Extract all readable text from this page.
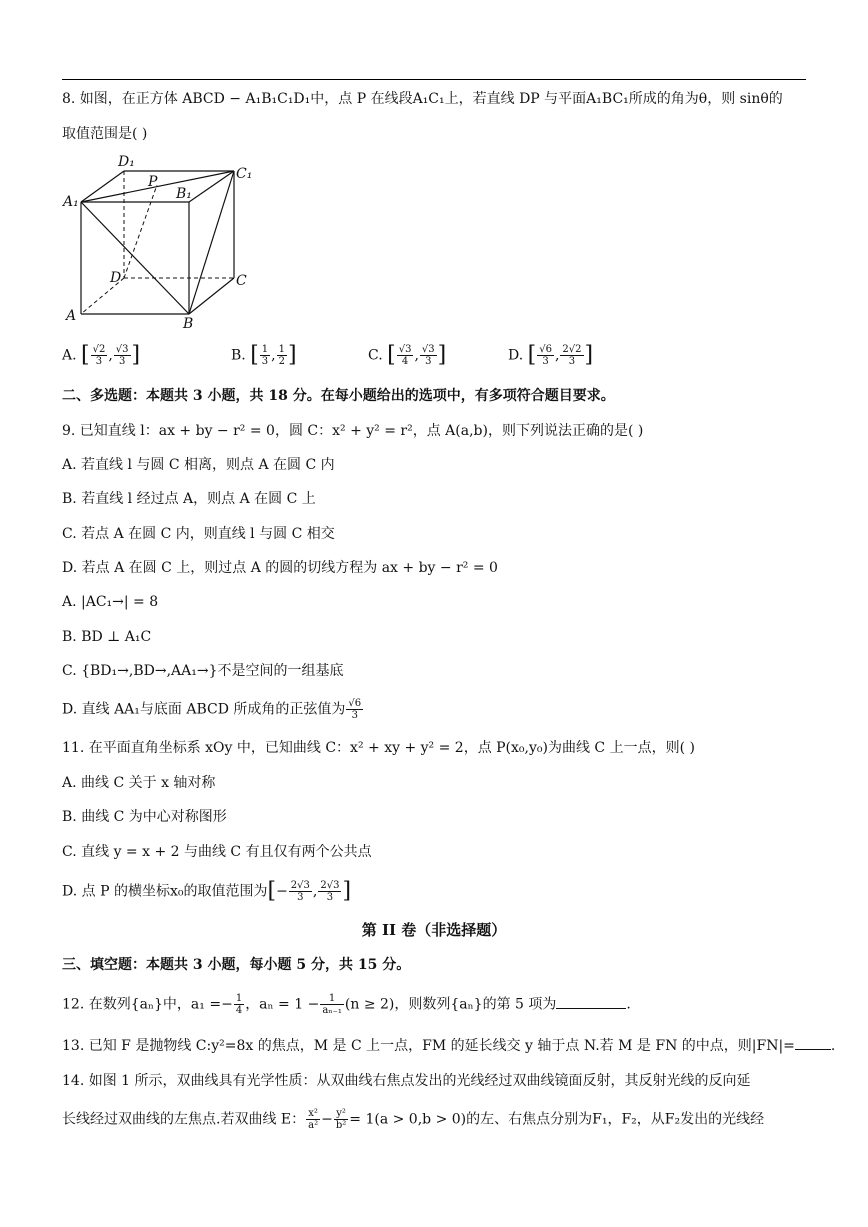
8. 如图，在正方体 ABCD − A₁B₁C₁D₁中，点 P 在线段A₁C₁上，若直线 DP 与平面A₁BC₁所成的角为θ，则 sinθ的
取值范围是( )
D₁
C₁
P
B₁
A₁
D	C
A	B
A. [ $\frac{√2}{3}$ , $\frac{√3}{3}$ ]	B. [ $\frac{1}{3}$ , $\frac{1}{2}$ ]	C. [ $\frac{√3}{4}$ , $\frac{√3}{3}$ ]	D. [ $\frac{√6}{3}$ , $\frac{2√2}{3}$ ]
二、多选题：本题共 3 小题，共 18 分。在每小题给出的选项中，有多项符合题目要求。
9. 已知直线 l：ax + by − r² = 0，圆 C：x² + y² = r²，点 A(a,b)，则下列说法正确的是( )
A. 若直线 l 与圆 C 相离，则点 A 在圆 C 内
B. 若直线 l 经过点 A，则点 A 在圆 C 上
C. 若点 A 在圆 C 内，则直线 l 与圆 C 相交
D. 若点 A 在圆 C 上，则过点 A 的圆的切线方程为 ax + by − r² = 0
A. |AC₁→| = 8
B. BD ⊥ A₁C
C. {BD₁→,BD→,AA₁→}不是空间的一组基底
D. 直线 AA₁与底面 ABCD 所成角的正弦值为 $\frac{√6}{3}$
11. 在平面直角坐标系 xOy 中，已知曲线 C：x² + xy + y² = 2，点 P(x₀,y₀)为曲线 C 上一点，则( )
A. 曲线 C 关于 x 轴对称
B. 曲线 C 为中心对称图形
C. 直线 y = x + 2 与曲线 C 有且仅有两个公共点
D. 点 P 的横坐标x₀的取值范围为[− $\frac{2√3}{3}$ , $\frac{2√3}{3}$ ]
第 II 卷（非选择题）
三、填空题：本题共 3 小题，每小题 5 分，共 15 分。
12. 在数列{aₙ}中，$a_1 =- \frac{1}{4}$ ，$a_n = 1 - \frac{1}{\text{aₙ₋₁}} (n \ge 2)$，则数列{aₙ}的第 5 项为	.
13. 已知 F 是抛物线 C:y²=8x 的焦点，M 是 C 上一点，FM 的延长线交 y 轴于点 N.若 M 是 FN 的中点，则|FN|=	.
14. 如图 1 所示，双曲线具有光学性质：从双曲线右焦点发出的光线经过双曲线镜面反射，其反射光线的反向延
长线经过双曲线的左焦点.若双曲线 E： $\frac{\text{x²}}{\text{a²}} - \frac{\text{y²}}{\text{b²}} = 1(a > 0,b > 0)$的左、右焦点分别为F₁，F₂，从F₂发出的光线经
